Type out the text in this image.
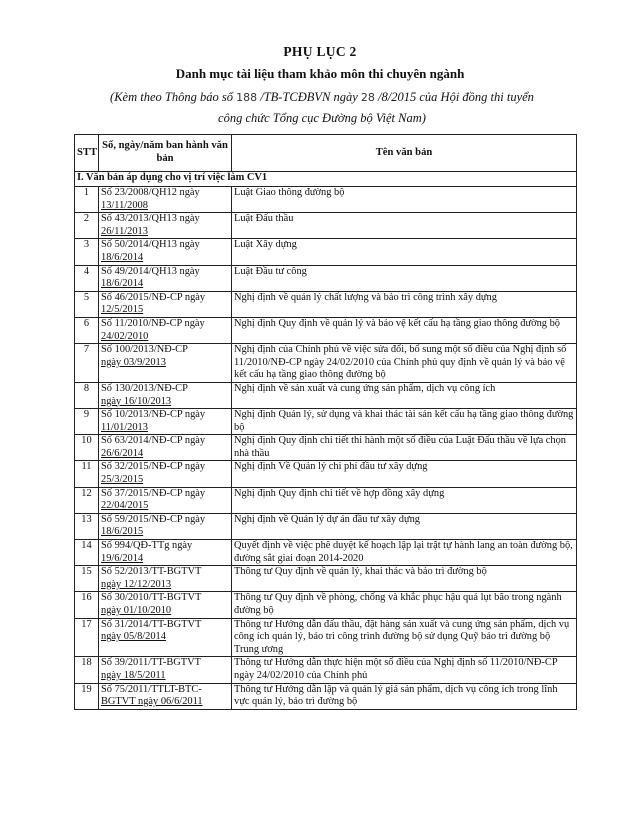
PHỤ LỤC 2
Danh mục tài liệu tham khảo môn thi chuyên ngành
(Kèm theo Thông báo số 188 /TB-TCĐBVN ngày 28 /8/2015 của Hội đồng thi tuyển
công chức Tổng cục Đường bộ Việt Nam)
STT	Số, ngày/năm ban hành văn bản	Tên văn bản
I. Văn bản áp dụng cho vị trí việc làm CV1		
1	Số 23/2008/QH12 ngày
13/11/2008	Luật Giao thông đường bộ
2	Số 43/2013/QH13 ngày
26/11/2013	Luật Đấu thầu
3	Số 50/2014/QH13 ngày
18/6/2014	Luật Xây dựng
4	Số 49/2014/QH13 ngày
18/6/2014	Luật Đầu tư công
5	Số 46/2015/NĐ-CP ngày
12/5/2015	Nghị định về quản lý chất lượng và bảo trì công trình xây dựng
6	Số 11/2010/NĐ-CP ngày
24/02/2010	Nghị định Quy định về quản lý và bảo vệ kết cấu hạ tầng giao thông đường bộ
7	Số 100/2013/NĐ-CP
ngày 03/9/2013	Nghị định của Chính phủ về việc sửa đổi, bổ sung một số điều của Nghị định số 11/2010/NĐ-CP ngày 24/02/2010 của Chính phủ quy định về quản lý và bảo vệ kết cấu hạ tầng giao thông đường bộ
8	Số 130/2013/NĐ-CP
ngày 16/10/2013	Nghị định về sản xuất và cung ứng sản phẩm, dịch vụ công ích
9	Số 10/2013/NĐ-CP ngày
11/01/2013	Nghị định Quản lý, sử dụng và khai thác tài sản kết cấu hạ tầng giao thông đường bộ
10	Số 63/2014/NĐ-CP ngày
26/6/2014	Nghị định Quy định chi tiết thi hành một số điều của Luật Đấu thầu về lựa chọn nhà thầu
11	Số 32/2015/NĐ-CP ngày
25/3/2015	Nghị định Về Quản lý chi phí đầu tư xây dựng
12	Số 37/2015/NĐ-CP ngày
22/04/2015	Nghị định Quy định chi tiết về hợp đồng xây dựng
13	Số 59/2015/NĐ-CP ngày
18/6/2015	Nghị định về Quản lý dự án đầu tư xây dựng
14	Số 994/QĐ-TTg ngày
19/6/2014	Quyết định về việc phê duyệt kế hoạch lập lại trật tự hành lang an toàn đường bộ, đường sắt giai đoạn 2014-2020
15	Số 52/2013/TT-BGTVT
ngày 12/12/2013	Thông tư Quy định về quản lý, khai thác và bảo trì đường bộ
16	Số 30/2010/TT-BGTVT
ngày 01/10/2010	Thông tư Quy định về phòng, chống và khắc phục hậu quả lụt bão trong ngành đường bộ
17	Số 31/2014/TT-BGTVT
ngày 05/8/2014	Thông tư Hướng dẫn đấu thầu, đặt hàng sản xuất và cung ứng sản phẩm, dịch vụ công ích quản lý, bảo trì công trình đường bộ sử dụng Quỹ bảo trì đường bộ Trung ương
18	Số 39/2011/TT-BGTVT
ngày 18/5/2011	Thông tư Hướng dẫn thực hiện một số điều của Nghị định số 11/2010/NĐ-CP ngày 24/02/2010 của Chính phủ
19	Số 75/2011/TTLT-BTC-
BGTVT ngày 06/6/2011	Thông tư Hướng dẫn lập và quản lý giá sản phẩm, dịch vụ công ích trong lĩnh vực quản lý, bảo trì đường bộ
